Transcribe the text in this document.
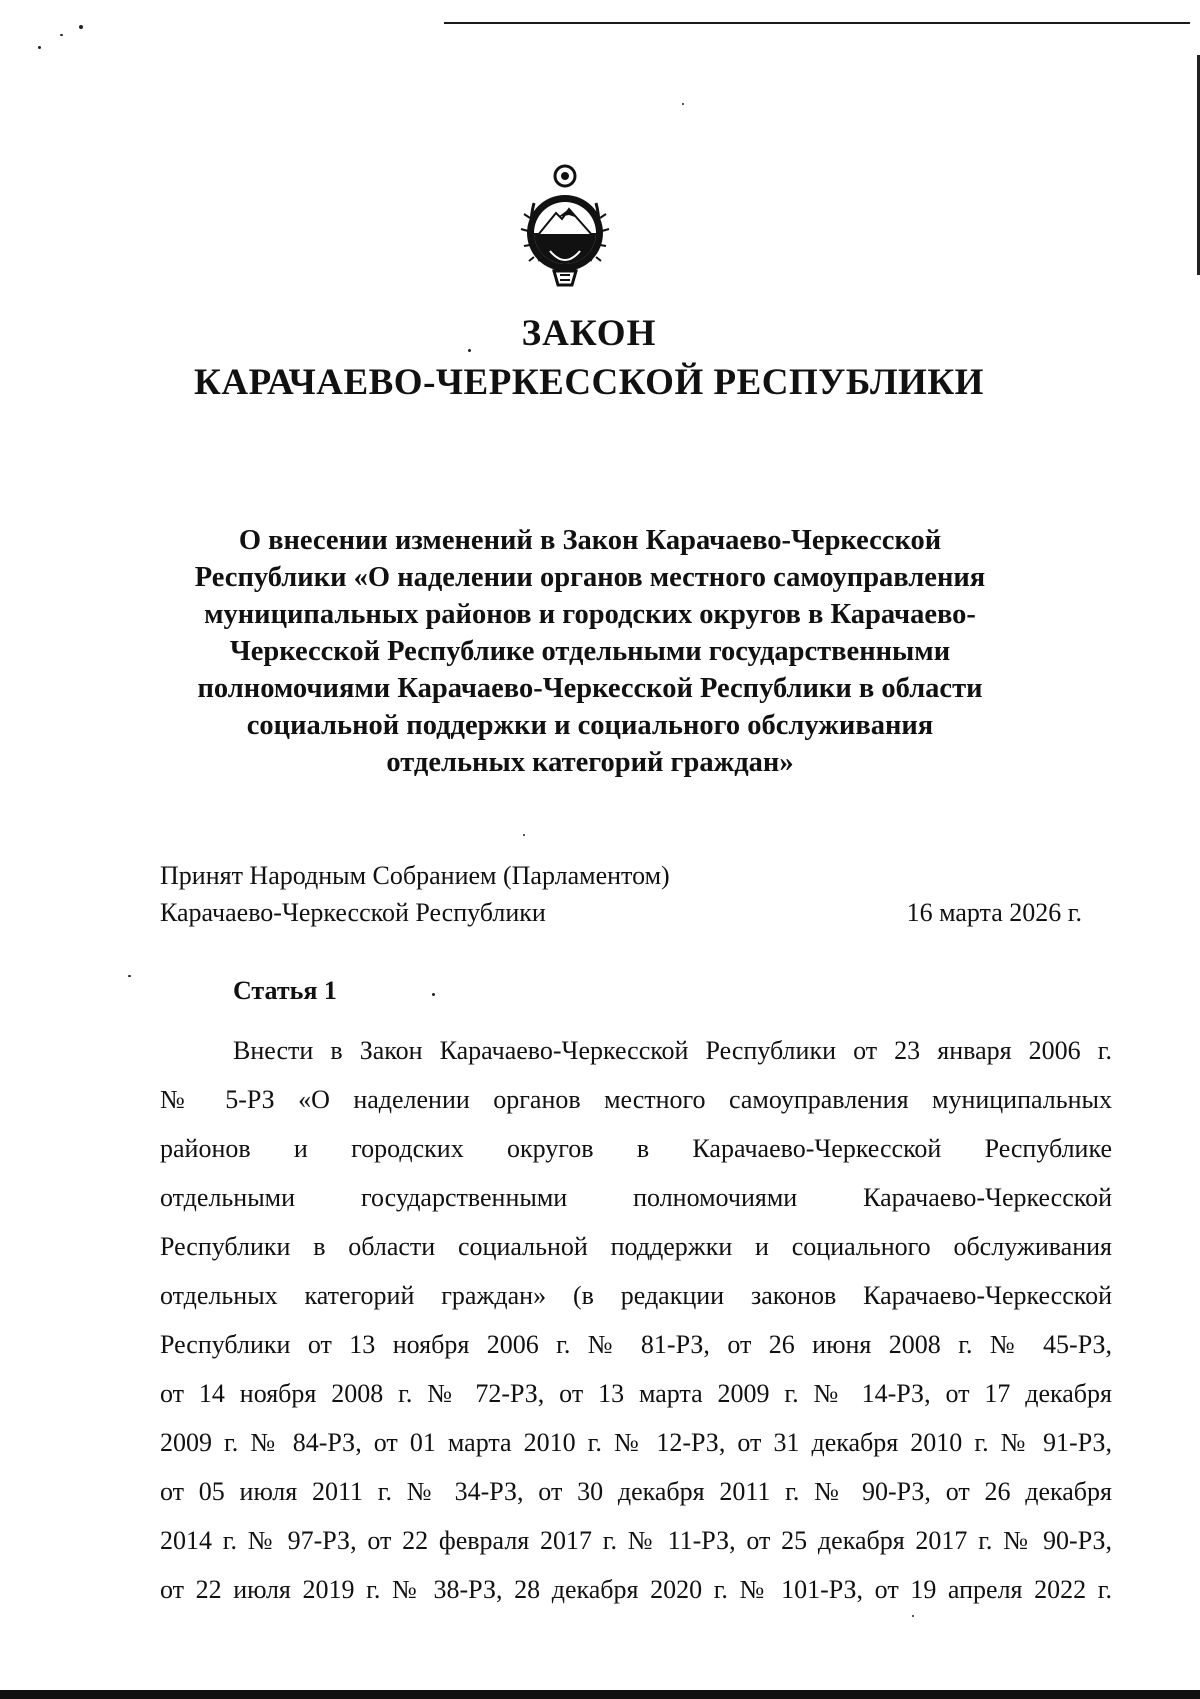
ЗАКОН
КАРАЧАЕВО-ЧЕРКЕССКОЙ РЕСПУБЛИКИ
О внесении изменений в Закон Карачаево-Черкесской
Республики «О наделении органов местного самоуправления
муниципальных районов и городских округов в Карачаево-
Черкесской Республике отдельными государственными
полномочиями Карачаево-Черкесской Республики в области
социальной поддержки и социального обслуживания
отдельных категорий граждан»
Принят Народным Собранием (Парламентом)
Карачаево-Черкесской Республики	16 марта 2026 г.
Статья 1
Внести в Закон Карачаево-Черкесской Республики от 23 января 2006 г.
№ 5-РЗ «О наделении органов местного самоуправления муниципальных
районов и городских округов в Карачаево-Черкесской Республике
отдельными государственными полномочиями Карачаево-Черкесской
Республики в области социальной поддержки и социального обслуживания
отдельных категорий граждан» (в редакции законов Карачаево-Черкесской
Республики от 13 ноября 2006 г. № 81-РЗ, от 26 июня 2008 г. № 45-РЗ,
от 14 ноября 2008 г. № 72-РЗ, от 13 марта 2009 г. № 14-РЗ, от 17 декабря
2009 г. № 84-РЗ, от 01 марта 2010 г. № 12-РЗ, от 31 декабря 2010 г. № 91-РЗ,
от 05 июля 2011 г. № 34-РЗ, от 30 декабря 2011 г. № 90-РЗ, от 26 декабря
2014 г. № 97-РЗ, от 22 февраля 2017 г. № 11-РЗ, от 25 декабря 2017 г. № 90-РЗ,
от 22 июля 2019 г. № 38-РЗ, 28 декабря 2020 г. № 101-РЗ, от 19 апреля 2022 г.
